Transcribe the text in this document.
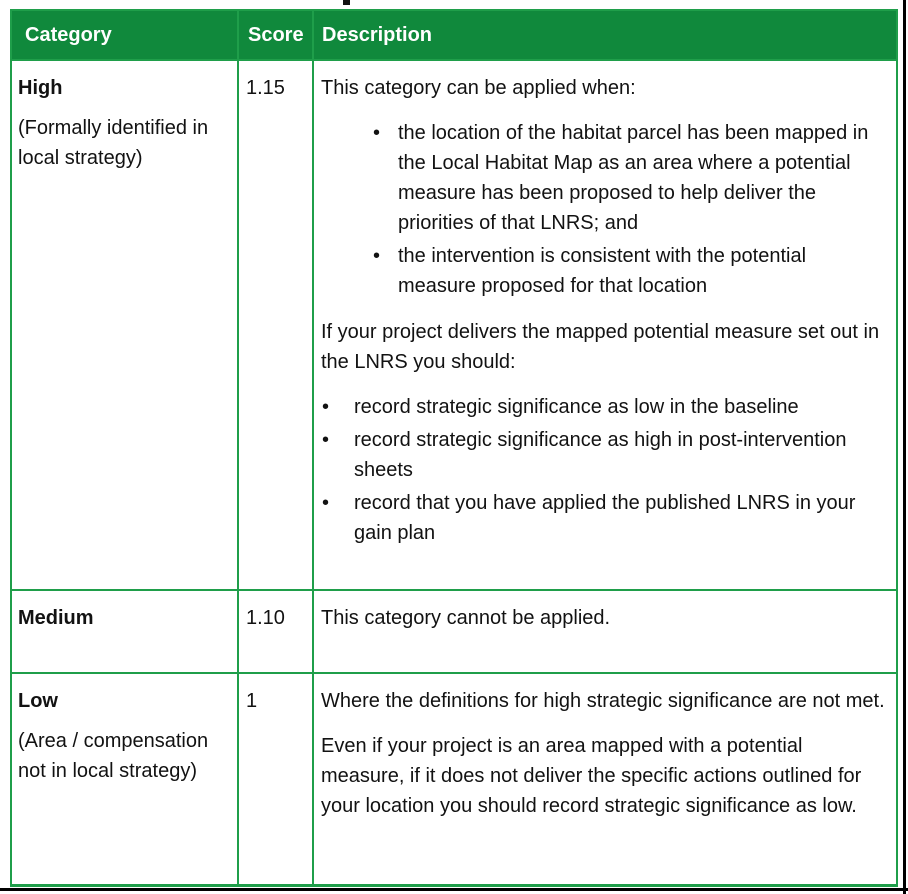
Category	Score	Description

High

(Formally identified in local strategy)

	1.15	This category can be applied when:

• the location of the habitat parcel has been mapped in the Local Habitat Map as an area where a potential measure has been proposed to help deliver the priorities of that LNRS; and
• the intervention is consistent with the potential measure proposed for that location

If your project delivers the mapped potential measure set out in the LNRS you should:

•	record strategic significance as low in the baseline
•	record strategic significance as high in post-intervention sheets
•	record that you have applied the published LNRS in your gain plan

Medium	1.10	This category cannot be applied.

Low

(Area / compensation not in local strategy)

	1	Where the definitions for high strategic significance are not met.

Even if your project is an area mapped with a potential measure, if it does not deliver the specific actions outlined for your location you should record strategic significance as low.
